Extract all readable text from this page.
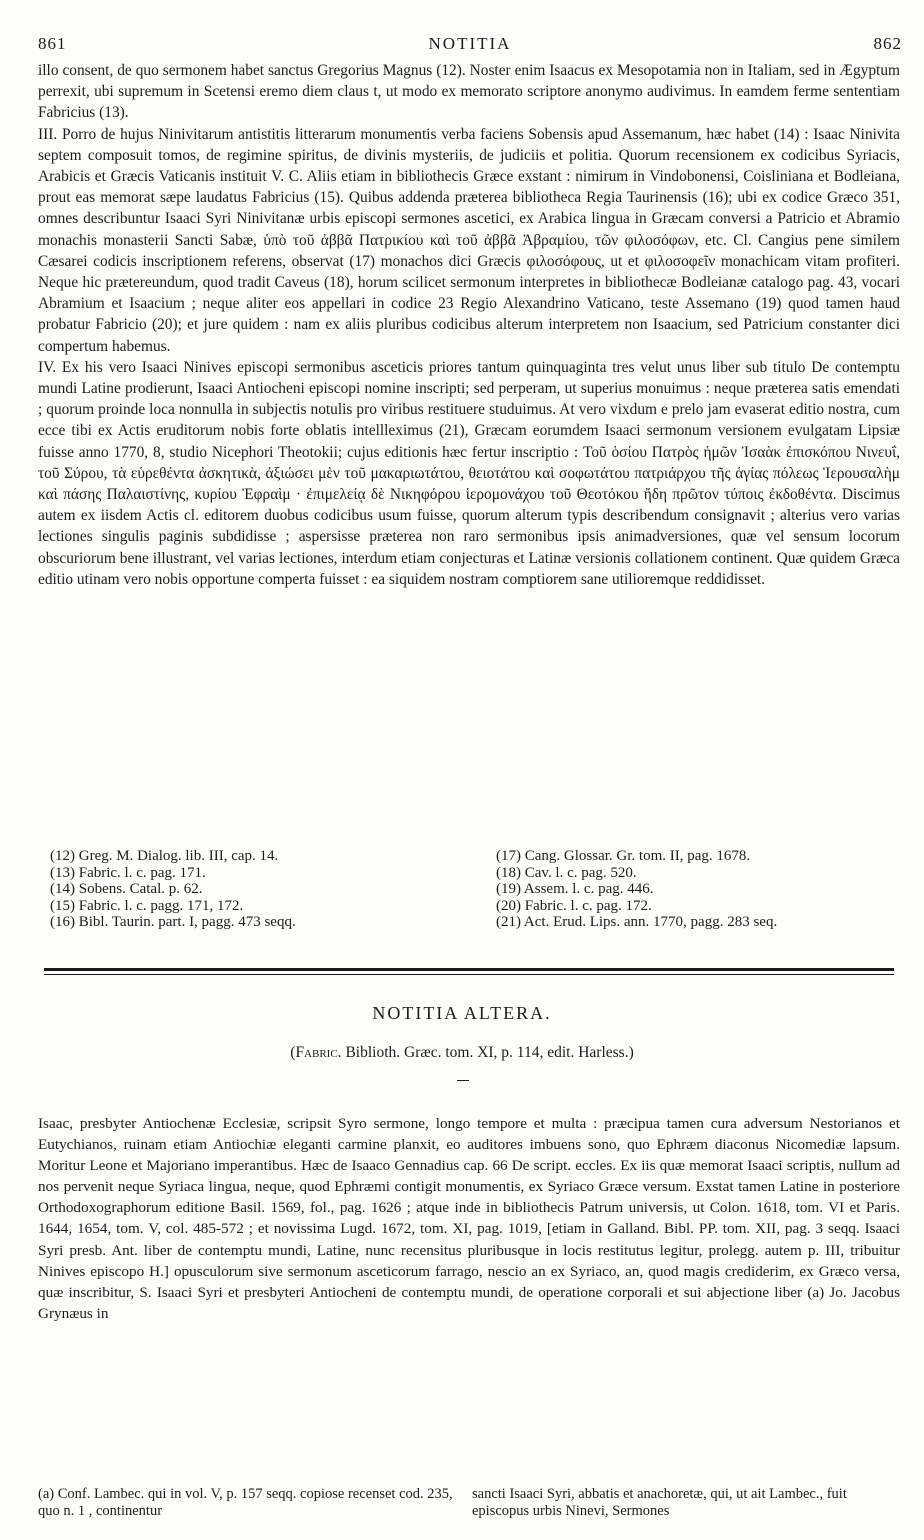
861	NOTITIA	862

illo consent, de quo sermonem habet sanctus Gregorius Magnus (12). Noster enim Isaacus ex Mesopotamia non in Italiam, sed in Ægyptum perrexit, ubi supremum in Scetensi eremo diem claus t, ut modo ex memorato scriptore anonymo audivimus. In eamdem ferme sententiam Fabricius (13).

III. Porro de hujus Ninivitarum antistitis litterarum monumentis verba faciens Sobensis apud Assemanum, hæc habet (14) : Isaac Ninivita septem composuit tomos, de regimine spiritus, de divinis mysteriis, de judiciis et politia. Quorum recensionem ex codicibus Syriacis, Arabicis et Græcis Vaticanis instituit V. C. Aliis etiam in bibliothecis Græce exstant : nimirum in Vindobonensi, Coisliniana et Bodleiana, prout eas memorat sæpe laudatus Fabricius (15). Quibus addenda præterea bibliotheca Regia Taurinensis (16); ubi ex codice Græco 351, omnes describuntur Isaaci Syri Ninivitanæ urbis episcopi sermones ascetici, ex Arabica lingua in Græcam conversi a Patricio et Abramio monachis monasterii Sancti Sabæ, ὑπὸ τοῦ ἀββᾶ Πατρικίου καὶ τοῦ ἀββᾶ Ἀβραμίου, τῶν φιλοσόφων, etc. Cl. Cangius pene similem Cæsarei codicis inscriptionem referens, observat (17) monachos dici Græcis φιλοσόφους, ut et φιλοσοφεῖν monachicam vitam profiteri. Neque hic prætereundum, quod tradit Caveus (18), horum scilicet sermonum interpretes in bibliothecæ Bodleianæ catalogo pag. 43, vocari Abramium et Isaacium ; neque aliter eos appellari in codice 23 Regio Alexandrino Vaticano, teste Assemano (19) quod tamen haud probatur Fabricio (20); et jure quidem : nam ex aliis pluribus codicibus alterum interpretem non Isaacium, sed Patricium constanter dici compertum habemus.

IV. Ex his vero Isaaci Ninives episcopi sermonibus asceticis priores tantum quinquaginta tres velut unus liber sub titulo De contemptu mundi Latine prodierunt, Isaaci Antiocheni episcopi nomine inscripti; sed perperam, ut superius monuimus : neque præterea satis emendati ; quorum proinde loca nonnulla in subjectis notulis pro viribus restituere studuimus. At vero vixdum e prelo jam evaserat editio nostra, cum ecce tibi ex Actis eruditorum nobis forte oblatis intellleximus (21), Græcam eorumdem Isaaci sermonum versionem evulgatam Lipsiæ fuisse anno 1770, 8, studio Nicephori Theotokii; cujus editionis hæc fertur inscriptio : Τοῦ ὁσίου Πατρὸς ἡμῶν Ἰσαὰκ ἐπισκόπου Νινευΐ, τοῦ Σύρου, τὰ εὑρεθέντα ἀσκητικὰ, ἀξιώσει μὲν τοῦ μακαριωτάτου, θειοτάτου καὶ σοφωτάτου πατριάρχου τῆς ἁγίας πόλεως Ἱερουσαλὴμ καὶ πάσης Παλαιστίνης, κυρίου Ἐφραὶμ · ἐπιμελείᾳ δὲ Νικηφόρου ἱερομονάχου τοῦ Θεοτόκου ἤδη πρῶτον τύποις ἐκδοθέντα. Discimus autem ex iisdem Actis cl. editorem duobus codicibus usum fuisse, quorum alterum typis describendum consignavit ; alterius vero varias lectiones singulis paginis subdidisse ; aspersisse præterea non raro sermonibus ipsis animadversiones, quæ vel sensum locorum obscuriorum bene illustrant, vel varias lectiones, interdum etiam conjecturas et Latinæ versionis collationem continent. Quæ quidem Græca editio utinam vero nobis opportune comperta fuisset : ea siquidem nostram comptiorem sane utilioremque reddidisset.

(12) Greg. M. Dialog. lib. III, cap. 14.

(13) Fabric. l. c. pag. 171.

(14) Sobens. Catal. p. 62.

(15) Fabric. l. c. pagg. 171, 172.

(16) Bibl. Taurin. part. I, pagg. 473 seqq.

(17) Cang. Glossar. Gr. tom. II, pag. 1678.

(18) Cav. l. c. pag. 520.

(19) Assem. l. c. pag. 446.

(20) Fabric. l. c. pag. 172.

(21) Act. Erud. Lips. ann. 1770, pagg. 283 seq.

NOTITIA ALTERA.
(Fabric. Biblioth. Græc. tom. XI, p. 114, edit. Harless.)

Isaac, presbyter Antiochenæ Ecclesiæ, scripsit Syro sermone, longo tempore et multa : præcipua tamen cura adversum Nestorianos et Eutychianos, ruinam etiam Antiochiæ eleganti carmine planxit, eo auditores imbuens sono, quo Ephræm diaconus Nicomediæ lapsum. Moritur Leone et Majoriano imperantibus. Hæc de Isaaco Gennadius cap. 66 De script. eccles. Ex iis quæ memorat Isaaci scriptis, nullum ad nos pervenit neque Syriaca lingua, neque, quod Ephræmi contigit monumentis, ex Syriaco Græce versum. Exstat tamen Latine in posteriore Orthodoxographorum editione Basil. 1569, fol., pag. 1626 ; atque inde in bibliothecis Patrum universis, ut Colon. 1618, tom. VI et Paris. 1644, 1654, tom. V, col. 485-572 ; et novissima Lugd. 1672, tom. XI, pag. 1019, [etiam in Galland. Bibl. PP. tom. XII, pag. 3 seqq. Isaaci Syri presb. Ant. liber de contemptu mundi, Latine, nunc recensitus pluribusque in locis restitutus legitur, prolegg. autem p. III, tribuitur Ninives episcopo H.] opusculorum sive sermonum asceticorum farrago, nescio an ex Syriaco, an, quod magis crediderim, ex Græco versa, quæ inscribitur, S. Isaaci Syri et presbyteri Antiocheni de contemptu mundi, de operatione corporali et sui abjectione liber (a) Jo. Jacobus Grynæus in

(a) Conf. Lambec. qui in vol. V, p. 157 seqq. copiose recenset cod. 235, quo n. 1 , continentur

sancti Isaaci Syri, abbatis et anachoretæ, qui, ut ait Lambec., fuit episcopus urbis Ninevi, Sermones
